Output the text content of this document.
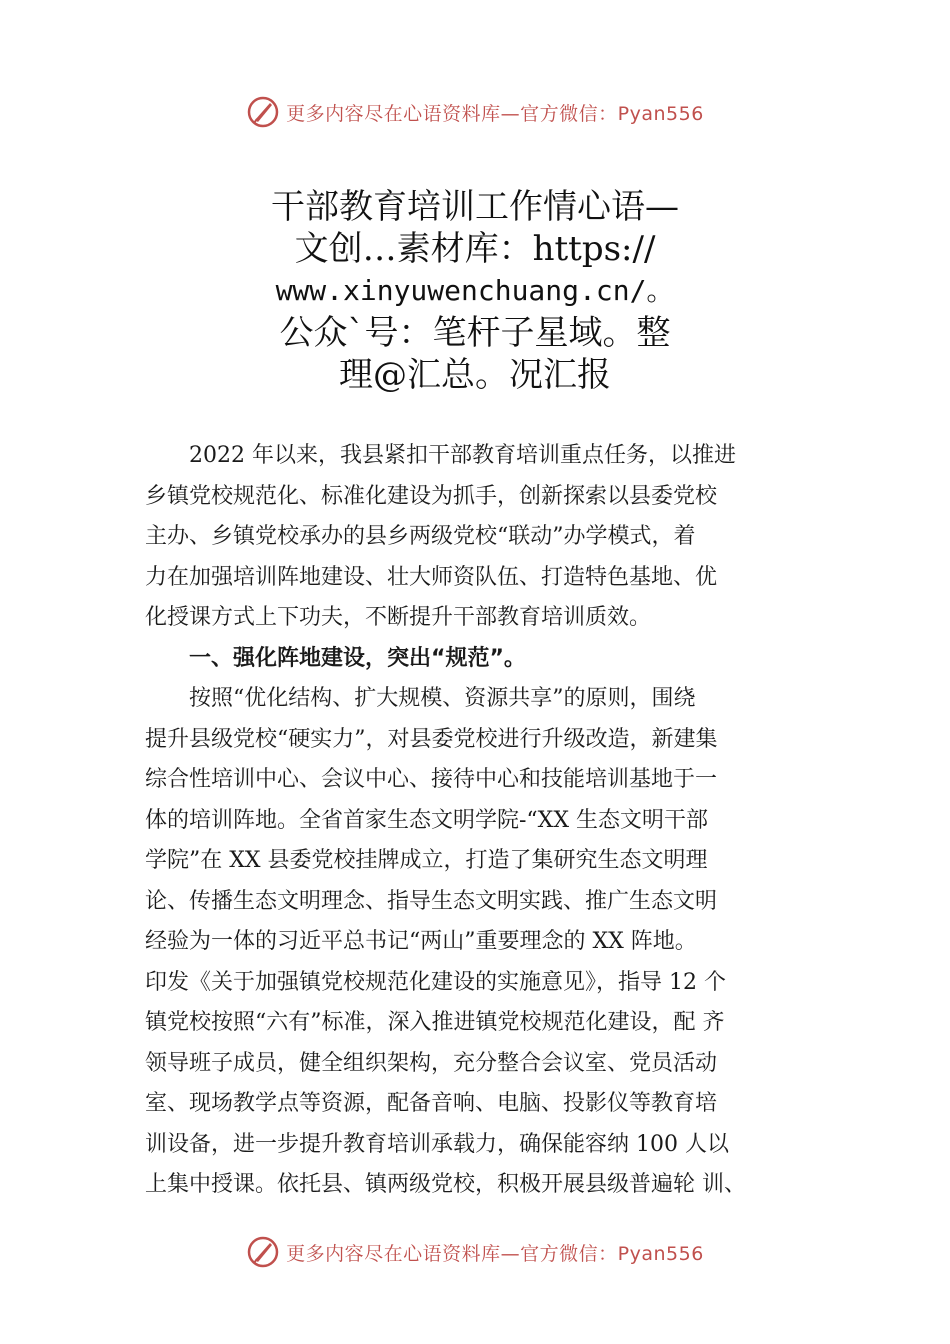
更多内容尽在心语资料库—官方微信：Pyan556
干部教育培训工作情心语—
文创…素材库：https://
www.xinyuwenchuang.cn/。
公众`号：笔杆子星域。整
理@汇总。况汇报

2022 年以来，我县紧扣干部教育培训重点任务，以推进

乡镇党校规范化、标准化建设为抓手，创新探索以县委党校

主办、乡镇党校承办的县乡两级党校“联动”办学模式，着

力在加强培训阵地建设、壮大师资队伍、打造特色基地、优

化授课方式上下功夫，不断提升干部教育培训质效。

一、强化阵地建设，突出“规范”。

按照“优化结构、扩大规模、资源共享”的原则，围绕

提升县级党校“硬实力”，对县委党校进行升级改造，新建集

综合性培训中心、会议中心、接待中心和技能培训基地于一

体的培训阵地。全省首家生态文明学院-“XX 生态文明干部

学院”在 XX 县委党校挂牌成立，打造了集研究生态文明理

论、传播生态文明理念、指导生态文明实践、推广生态文明

经验为一体的习近平总书记“两山”重要理念的 XX 阵地。

印发《关于加强镇党校规范化建设的实施意见》，指导 12 个

镇党校按照“六有”标准，深入推进镇党校规范化建设，配 齐

领导班子成员，健全组织架构，充分整合会议室、党员活动

室、现场教学点等资源，配备音响、电脑、投影仪等教育培

训设备，进一步提升教育培训承载力，确保能容纳 100 人以

上集中授课。依托县、镇两级党校，积极开展县级普遍轮 训、

更多内容尽在心语资料库—官方微信：Pyan556
